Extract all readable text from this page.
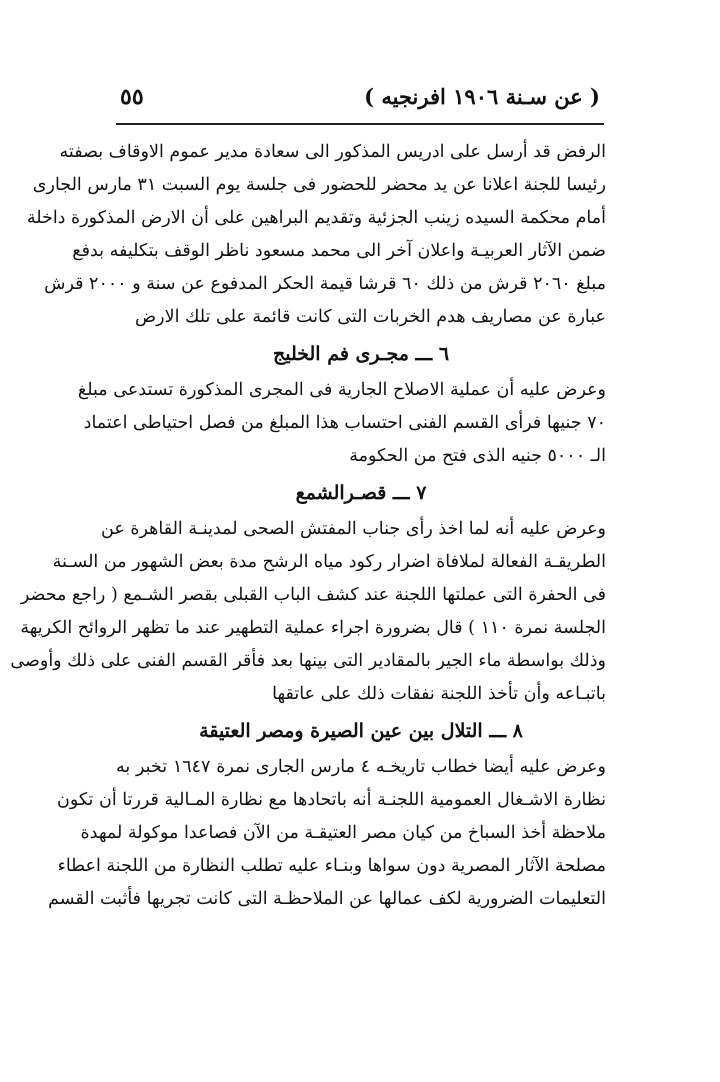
٥٥	( عن سـنة ١٩٠٦ افرنجيه )
الرفض قد أرسل على ادريس المذكور الى سعادة مدير عموم الاوقاف بصفته
رئيسا للجنة اعلانا عن يد محضر للحضور فى جلسة يوم السبت ٣١ مارس الجارى
أمام محكمة السيده زينب الجزئية وتقديم البراهين على أن الارض المذكورة داخلة
ضمن الآثار العربيـة واعلان آخر الى محمد مسعود ناظر الوقف بتكليفه بدفع
مبلغ ٢٠٦٠ قرش من ذلك ٦٠ قرشا قيمة الحكر المدفوع عن سنة و ٢٠٠٠ قرش
عبارة عن مصاريف هدم الخربات التى كانت قائمة على تلك الارض
٦ ـــ مجـرى فم الخليج
وعرض عليه أن عملية الاصلاح الجارية فى المجرى المذكورة تستدعى مبلغ
٧٠ جنيها فرأى القسم الفنى احتساب هذا المبلغ من فصل احتياطى اعتماد
الـ ٥٠٠٠ جنيه الذى فتح من الحكومة
٧ ـــ قصـرالشمع
وعرض عليه أنه لما اخذ رأى جناب المفتش الصحى لمدينـة القاهرة عن
الطريقـة الفعالة لملافاة اضرار ركود مياه الرشح مدة بعض الشهور من السـنة
فى الحفرة التى عملتها اللجنة عند كشف الباب القبلى بقصر الشـمع ( راجع محضر
الجلسة نمرة ١١٠ ) قال بضرورة اجراء عملية التطهير عند ما تظهر الروائح الكريهة
وذلك بواسطة ماء الجير بالمقادير التى بينها بعد فأقر القسم الفنى على ذلك وأوصى
باتبـاعه وأن تأخذ اللجنة نفقات ذلك على عاتقها
٨ ـــ التلال بين عين الصيرة ومصر العتيقة
وعرض عليه أيضا خطاب تاريخـه ٤ مارس الجارى نمرة ١٦٤٧ تخبر به
نظارة الاشـغال العمومية اللجنـة أنه باتحادها مع نظارة المـالية قررتا أن تكون
ملاحظة أخذ السباخ من كيان مصر العتيقـة من الآن فصاعدا موكولة لمهدة
مصلحة الآثار المصرية دون سواها وبنـاء عليه تطلب النظارة من اللجنة اعطاء
التعليمات الضرورية لكف عمالها عن الملاحظـة التى كانت تجريها فأثبت القسم
